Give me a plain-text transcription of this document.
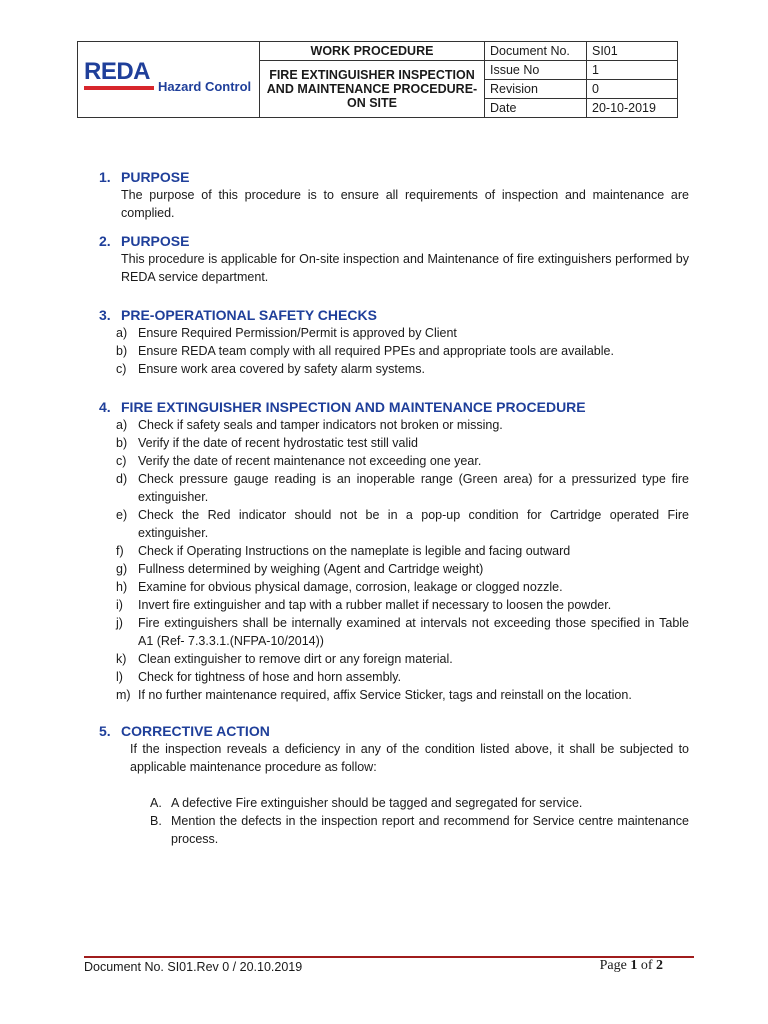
REDA
Hazard Control	WORK PROCEDURE	Document No.	SI01
	FIRE EXTINGUISHER INSPECTION AND MAINTENANCE PROCEDURE- ON SITE	Issue No	1
		Revision	0
		Date	20-10-2019
1. PURPOSE

The purpose of this procedure is to ensure all requirements of inspection and maintenance are complied.

2. PURPOSE

This procedure is applicable for On-site inspection and Maintenance of fire extinguishers performed by REDA service department.

3. PRE-OPERATIONAL SAFETY CHECKS
a) Ensure Required Permission/Permit is approved by Client
b) Ensure REDA team comply with all required PPEs and appropriate tools are available.
c) Ensure work area covered by safety alarm systems.
4. FIRE EXTINGUISHER INSPECTION AND MAINTENANCE PROCEDURE
a) Check if safety seals and tamper indicators not broken or missing.
b) Verify if the date of recent hydrostatic test still valid
c) Verify the date of recent maintenance not exceeding one year.
d) Check pressure gauge reading is an inoperable range (Green area) for a pressurized type fire extinguisher.
e) Check the Red indicator should not be in a pop-up condition for Cartridge operated Fire extinguisher.
f) Check if Operating Instructions on the nameplate is legible and facing outward
g) Fullness determined by weighing (Agent and Cartridge weight)
h) Examine for obvious physical damage, corrosion, leakage or clogged nozzle.
i) Invert fire extinguisher and tap with a rubber mallet if necessary to loosen the powder.
j) Fire extinguishers shall be internally examined at intervals not exceeding those specified in Table A1 (Ref- 7.3.3.1.(NFPA-10/2014))
k) Clean extinguisher to remove dirt or any foreign material.
l) Check for tightness of hose and horn assembly.
m) If no further maintenance required, affix Service Sticker, tags and reinstall on the location.
5. CORRECTIVE ACTION

If the inspection reveals a deficiency in any of the condition listed above, it shall be subjected to applicable maintenance procedure as follow:

A. A defective Fire extinguisher should be tagged and segregated for service.
B. Mention the defects in the inspection report and recommend for Service centre maintenance process.
Document No. SI01.Rev 0 / 20.10.2019	Page 1 of 2
